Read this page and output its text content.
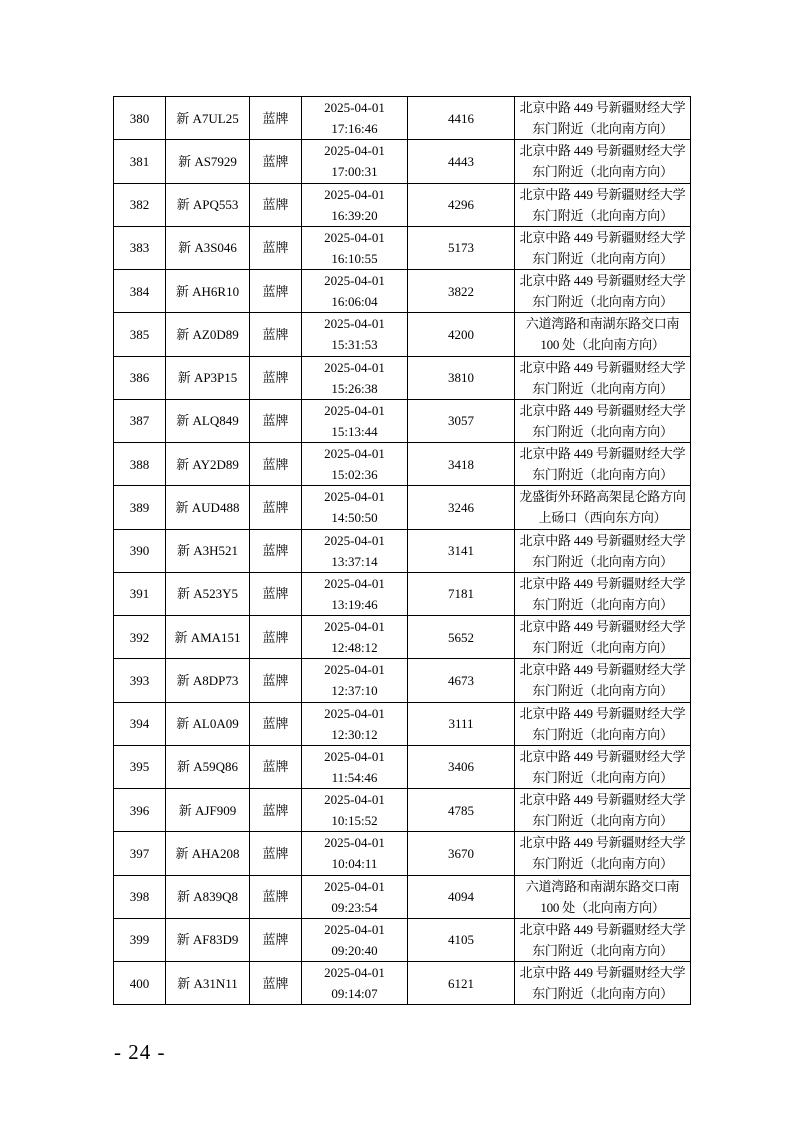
380	新 A7UL25	蓝牌	2025-04-01
17:16:46	4416	北京中路 449 号新疆财经大学
东门附近（北向南方向）

381	新 AS7929	蓝牌	2025-04-01
17:00:31	4443	北京中路 449 号新疆财经大学
东门附近（北向南方向）

382	新 APQ553	蓝牌	2025-04-01
16:39:20	4296	北京中路 449 号新疆财经大学
东门附近（北向南方向）

383	新 A3S046	蓝牌	2025-04-01
16:10:55	5173	北京中路 449 号新疆财经大学
东门附近（北向南方向）

384	新 AH6R10	蓝牌	2025-04-01
16:06:04	3822	北京中路 449 号新疆财经大学
东门附近（北向南方向）

385	新 AZ0D89	蓝牌	2025-04-01
15:31:53	4200	六道湾路和南湖东路交口南
100 处（北向南方向）

386	新 AP3P15	蓝牌	2025-04-01
15:26:38	3810	北京中路 449 号新疆财经大学
东门附近（北向南方向）

387	新 ALQ849	蓝牌	2025-04-01
15:13:44	3057	北京中路 449 号新疆财经大学
东门附近（北向南方向）

388	新 AY2D89	蓝牌	2025-04-01
15:02:36	3418	北京中路 449 号新疆财经大学
东门附近（北向南方向）

389	新 AUD488	蓝牌	2025-04-01
14:50:50	3246	龙盛街外环路高架昆仑路方向
上砀口（西向东方向）

390	新 A3H521	蓝牌	2025-04-01
13:37:14	3141	北京中路 449 号新疆财经大学
东门附近（北向南方向）

391	新 A523Y5	蓝牌	2025-04-01
13:19:46	7181	北京中路 449 号新疆财经大学
东门附近（北向南方向）

392	新 AMA151	蓝牌	2025-04-01
12:48:12	5652	北京中路 449 号新疆财经大学
东门附近（北向南方向）

393	新 A8DP73	蓝牌	2025-04-01
12:37:10	4673	北京中路 449 号新疆财经大学
东门附近（北向南方向）

394	新 AL0A09	蓝牌	2025-04-01
12:30:12	3111	北京中路 449 号新疆财经大学
东门附近（北向南方向）

395	新 A59Q86	蓝牌	2025-04-01
11:54:46	3406	北京中路 449 号新疆财经大学
东门附近（北向南方向）

396	新 AJF909	蓝牌	2025-04-01
10:15:52	4785	北京中路 449 号新疆财经大学
东门附近（北向南方向）

397	新 AHA208	蓝牌	2025-04-01
10:04:11	3670	北京中路 449 号新疆财经大学
东门附近（北向南方向）

398	新 A839Q8	蓝牌	2025-04-01
09:23:54	4094	六道湾路和南湖东路交口南
100 处（北向南方向）

399	新 AF83D9	蓝牌	2025-04-01
09:20:40	4105	北京中路 449 号新疆财经大学
东门附近（北向南方向）

400	新 A31N11	蓝牌	2025-04-01
09:14:07	6121	北京中路 449 号新疆财经大学
东门附近（北向南方向）
- 24 -
